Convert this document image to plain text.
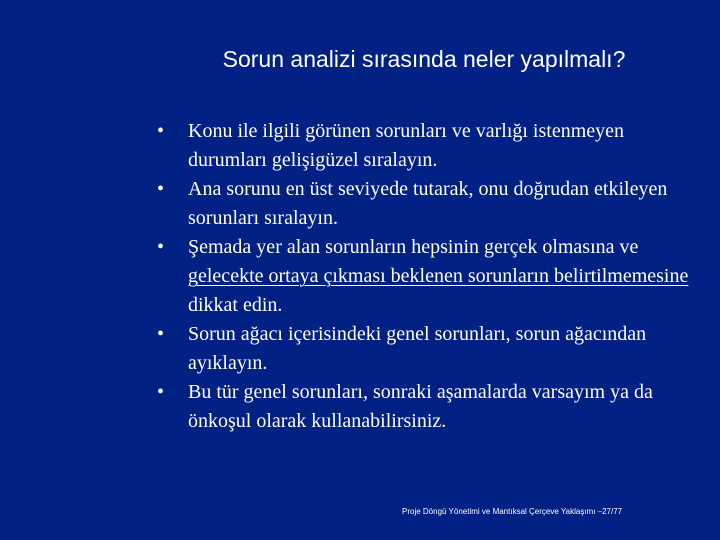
Sorun analizi sırasında neler yapılmalı?
• Konu ile ilgili görünen sorunları ve varlığı istenmeyen durumları gelişigüzel sıralayın.
• Ana sorunu en üst seviyede tutarak, onu doğrudan etkileyen sorunları sıralayın.
• Şemada yer alan sorunların hepsinin gerçek olmasına ve gelecekte ortaya çıkması beklenen sorunların belirtilmemesine dikkat edin.
• Sorun ağacı içerisindeki genel sorunları, sorun ağacından ayıklayın.
• Bu tür genel sorunları, sonraki aşamalarda varsayım ya da önkoşul olarak kullanabilirsiniz.
Proje Döngü Yönetimi ve Mantıksal Çerçeve Yaklaşımı –27/77
